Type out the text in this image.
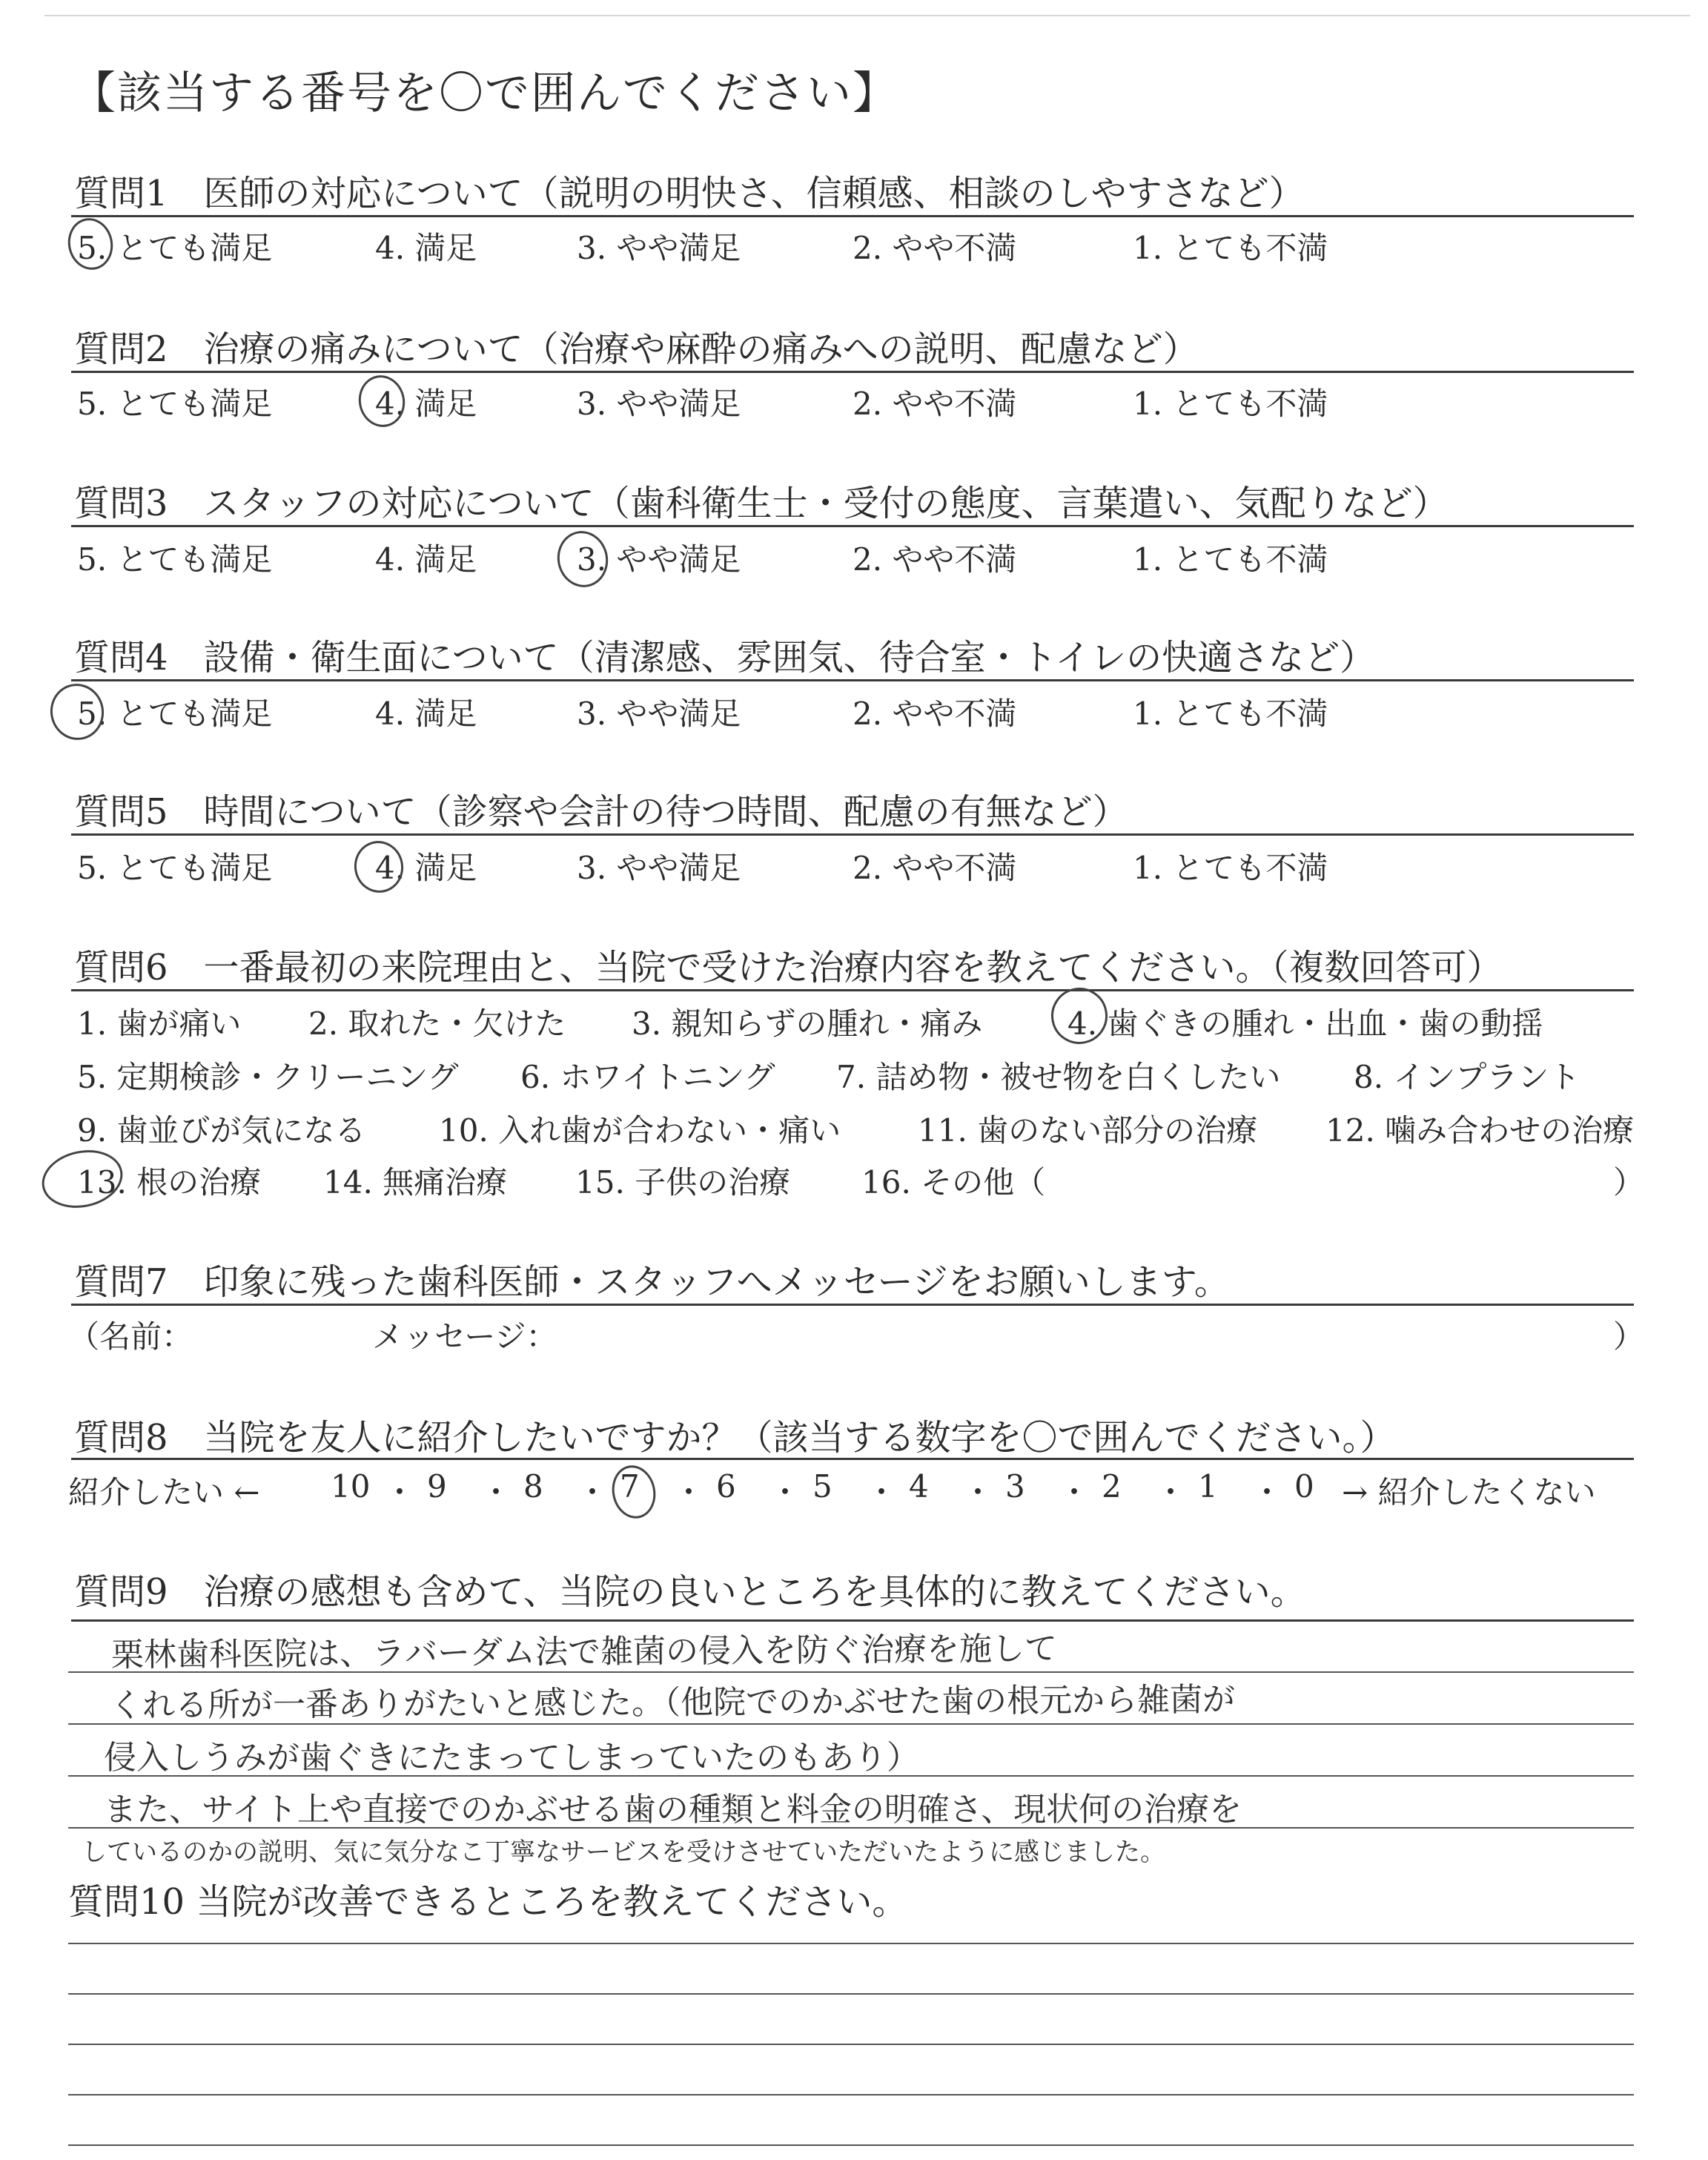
【該当する番号を〇で囲んでください】
質問1　医師の対応について（説明の明快さ、信頼感、相談のしやすさなど）
5. とても満足	4. 満足	3. やや満足	2. やや不満	1. とても不満
質問2　治療の痛みについて（治療や麻酔の痛みへの説明、配慮など）
5. とても満足	4. 満足	3. やや満足	2. やや不満	1. とても不満
質問3　スタッフの対応について（歯科衛生士・受付の態度、言葉遣い、気配りなど）
5. とても満足	4. 満足	3. やや満足	2. やや不満	1. とても不満
質問4　設備・衛生面について（清潔感、雰囲気、待合室・トイレの快適さなど）
5. とても満足	4. 満足	3. やや満足	2. やや不満	1. とても不満
質問5　時間について（診察や会計の待つ時間、配慮の有無など）
5. とても満足	4. 満足	3. やや満足	2. やや不満	1. とても不満
質問6　一番最初の来院理由と、当院で受けた治療内容を教えてください。（複数回答可）
1. 歯が痛い 2. 取れた・欠けた 3. 親知らずの腫れ・痛み	4. 歯ぐきの腫れ・出血・歯の動揺
5. 定期検診・クリーニング 6. ホワイトニング 7. 詰め物・被せ物を白くしたい 8. インプラント
9. 歯並びが気になる 10. 入れ歯が合わない・痛い 11. 歯のない部分の治療 12. 噛み合わせの治療
13. 根の治療 14. 無痛治療 15. 子供の治療 16. その他（	）
質問7　印象に残った歯科医師・スタッフへメッセージをお願いします。
（名前：	メッセージ：	）
質問8　当院を友人に紹介したいですか？（該当する数字を〇で囲んでください。）
紹介したい ← 10 ・ 9 ・ 8 ・ 7 ・ 6 ・ 5 ・ 4 ・ 3 ・ 2 ・ 1 ・ 0 → 紹介したくない
質問9　治療の感想も含めて、当院の良いところを具体的に教えてください。
栗林歯科医院は、ラバーダム法で雑菌の侵入を防ぐ治療を施して
くれる所が一番ありがたいと感じた。（他院でのかぶせた歯の根元から雑菌が
侵入しうみが歯ぐきにたまってしまっていたのもあり）
また、サイト上や直接でのかぶせる歯の種類と料金の明確さ、現状何の治療を
しているのかの説明、気に気分なこ丁寧なサービスを受けさせていただいたように感じました。
質問10 当院が改善できるところを教えてください。
